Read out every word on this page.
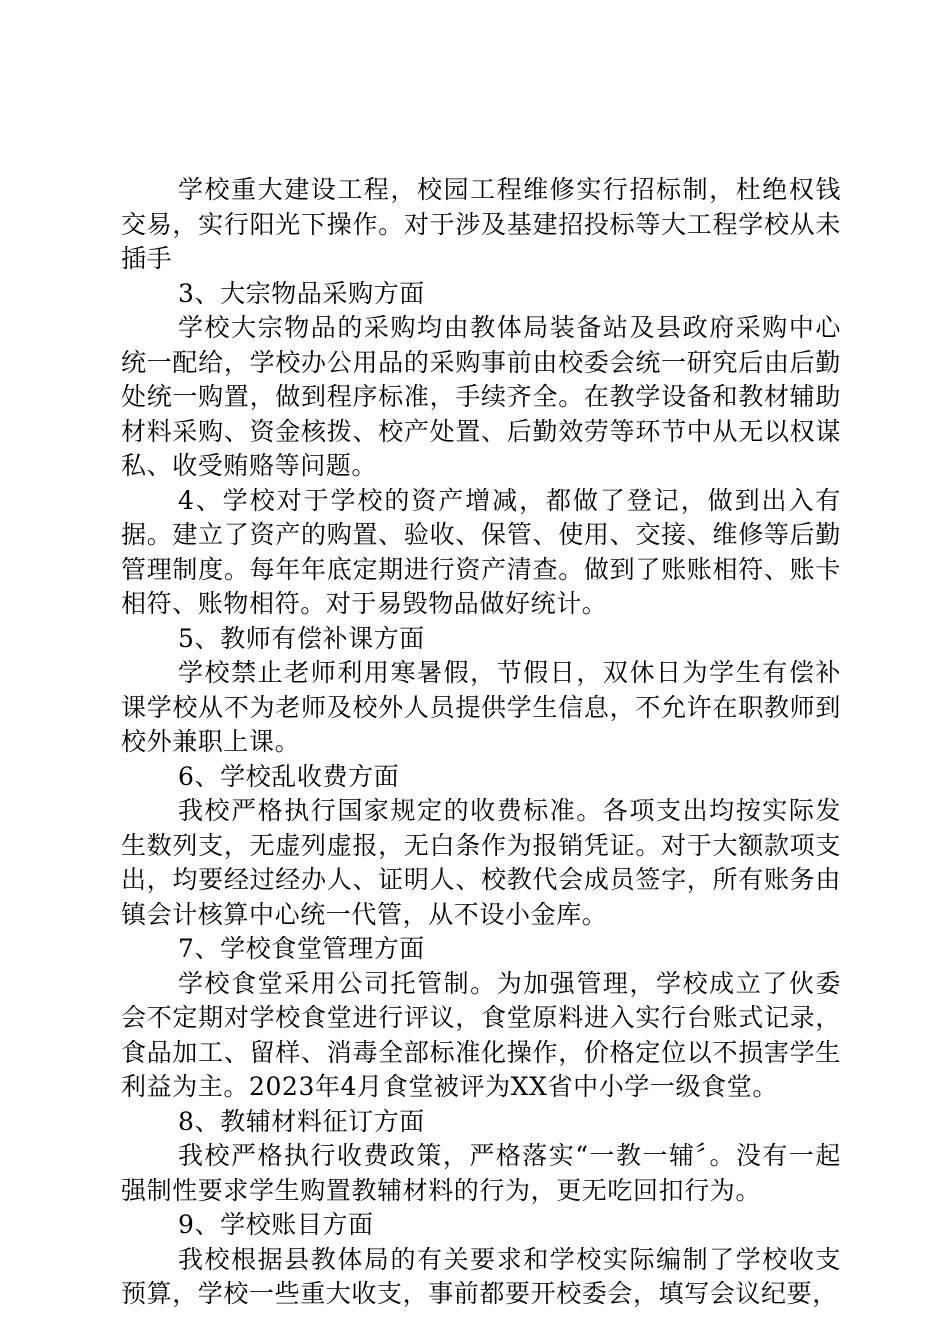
学校重大建设工程，校园工程维修实行招标制，杜绝权钱交易，实行阳光下操作。对于涉及基建招投标等大工程学校从未插手

3、大宗物品采购方面

学校大宗物品的采购均由教体局装备站及县政府采购中心统一配给，学校办公用品的采购事前由校委会统一研究后由后勤处统一购置，做到程序标准，手续齐全。在教学设备和教材辅助材料采购、资金核拨、校产处置、后勤效劳等环节中从无以权谋私、收受贿赂等问题。

4、学校对于学校的资产增减，都做了登记，做到出入有据。建立了资产的购置、验收、保管、使用、交接、维修等后勤管理制度。每年年底定期进行资产清查。做到了账账相符、账卡相符、账物相符。对于易毁物品做好统计。

5、教师有偿补课方面

学校禁止老师利用寒暑假，节假日，双休日为学生有偿补课学校从不为老师及校外人员提供学生信息，不允许在职教师到校外兼职上课。

6、学校乱收费方面

我校严格执行国家规定的收费标准。各项支出均按实际发生数列支，无虚列虚报，无白条作为报销凭证。对于大额款项支出，均要经过经办人、证明人、校教代会成员签字，所有账务由镇会计核算中心统一代管，从不设小金库。

7、学校食堂管理方面

学校食堂采用公司托管制。为加强管理，学校成立了伙委会不定期对学校食堂进行评议，食堂原料进入实行台账式记录，食品加工、留样、消毒全部标准化操作，价格定位以不损害学生利益为主。2023年4月食堂被评为XX省中小学一级食堂。

8、教辅材料征订方面

我校严格执行收费政策，严格落实“一教一辅〞。没有一起强制性要求学生购置教辅材料的行为，更无吃回扣行为。

9、学校账目方面

我校根据县教体局的有关要求和学校实际编制了学校收支预算，学校一些重大收支，事前都要开校委会，填写会议纪要，
